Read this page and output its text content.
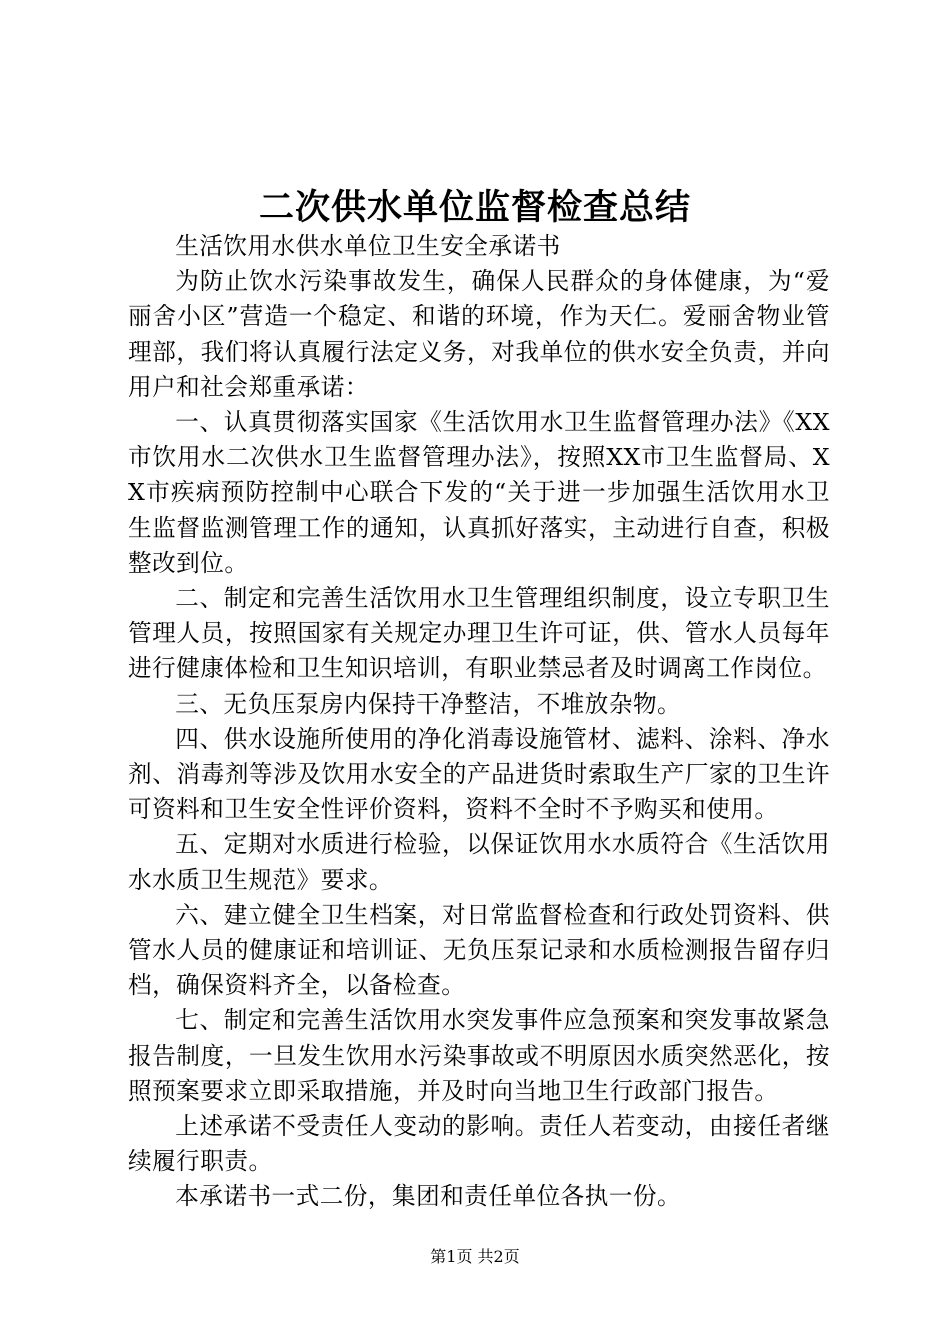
二次供水单位监督检查总结

生活饮用水供水单位卫生安全承诺书

为防止饮水污染事故发生，确保人民群众的身体健康，为“爱丽舍小区”营造一个稳定、和谐的环境，作为天仁。爱丽舍物业管理部，我们将认真履行法定义务，对我单位的供水安全负责，并向用户和社会郑重承诺：

一、认真贯彻落实国家《生活饮用水卫生监督管理办法》《XX市饮用水二次供水卫生监督管理办法》，按照XX市卫生监督局、XX市疾病预防控制中心联合下发的“关于进一步加强生活饮用水卫生监督监测管理工作的通知，认真抓好落实，主动进行自查，积极整改到位。

二、制定和完善生活饮用水卫生管理组织制度，设立专职卫生管理人员，按照国家有关规定办理卫生许可证，供、管水人员每年进行健康体检和卫生知识培训，有职业禁忌者及时调离工作岗位。

三、无负压泵房内保持干净整洁，不堆放杂物。

四、供水设施所使用的净化消毒设施管材、滤料、涂料、净水剂、消毒剂等涉及饮用水安全的产品进货时索取生产厂家的卫生许可资料和卫生安全性评价资料，资料不全时不予购买和使用。

五、定期对水质进行检验，以保证饮用水水质符合《生活饮用水水质卫生规范》要求。

六、建立健全卫生档案，对日常监督检查和行政处罚资料、供管水人员的健康证和培训证、无负压泵记录和水质检测报告留存归档，确保资料齐全，以备检查。

七、制定和完善生活饮用水突发事件应急预案和突发事故紧急报告制度，一旦发生饮用水污染事故或不明原因水质突然恶化，按照预案要求立即采取措施，并及时向当地卫生行政部门报告。

上述承诺不受责任人变动的影响。责任人若变动，由接任者继续履行职责。

本承诺书一式二份，集团和责任单位各执一份。

第1页 共2页
